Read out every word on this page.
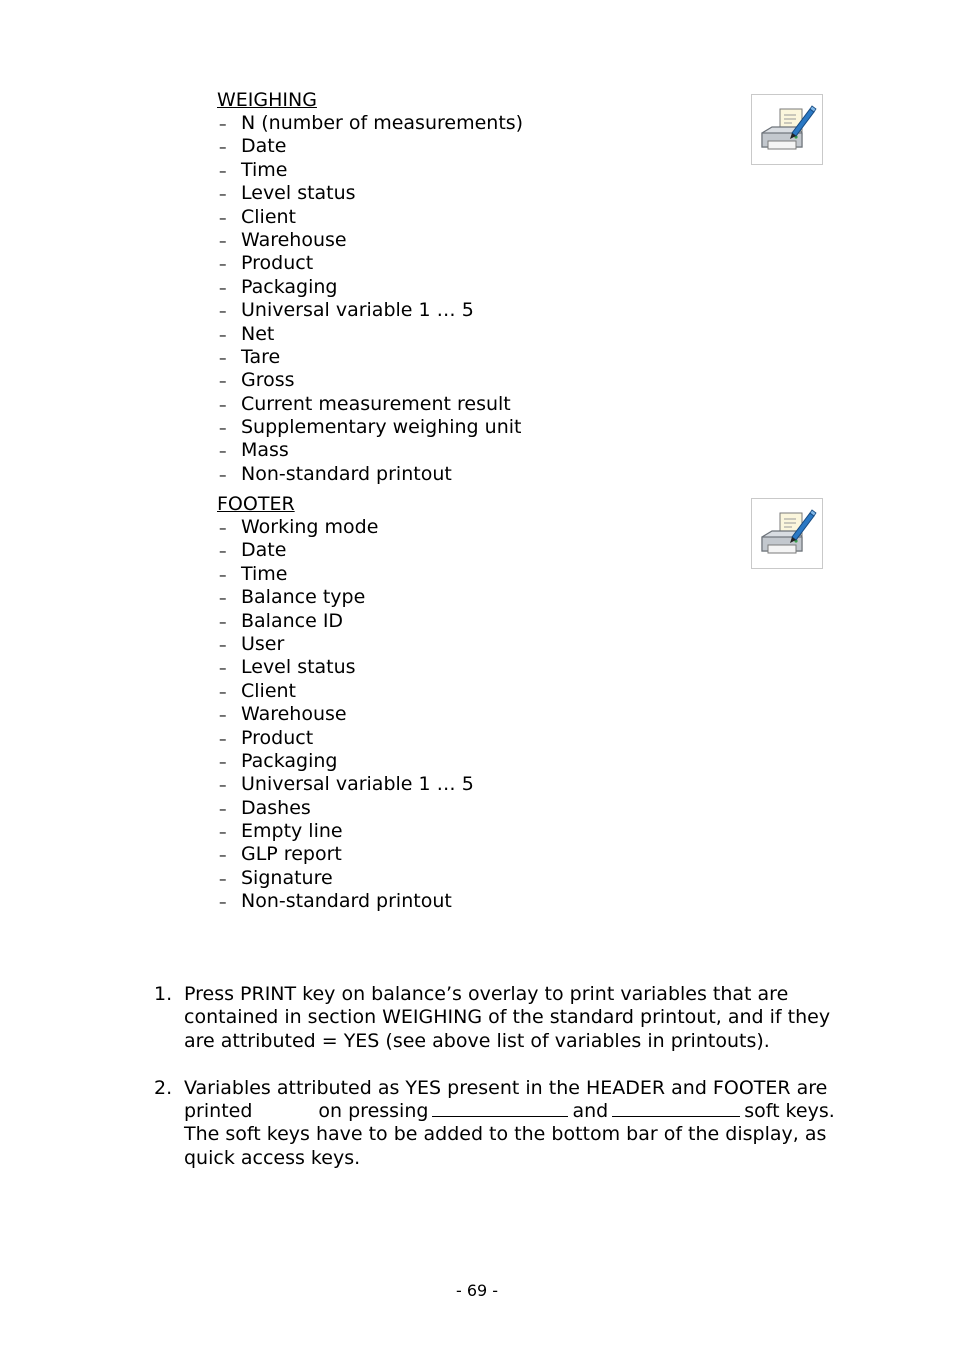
WEIGHING
– N (number of measurements)
– Date
– Time
– Level status
– Client
– Warehouse
– Product
– Packaging
– Universal variable 1 … 5
– Net
– Tare
– Gross
– Current measurement result
– Supplementary weighing unit
– Mass
– Non-standard printout
FOOTER
– Working mode
– Date
– Time
– Balance type
– Balance ID
– User
– Level status
– Client
– Warehouse
– Product
– Packaging
– Universal variable 1 … 5
– Dashes
– Empty line
– GLP report
– Signature
– Non-standard printout
1. Press PRINT key on balance’s overlay to print variables that are contained in section WEIGHING of the standard printout, and if they are attributed = YES (see above list of variables in printouts).
2. Variables attributed as YES present in the HEADER and FOOTER are printed	on pressing	and	soft keys. The soft keys have to be added to the bottom bar of the display, as quick access keys.
- 69 -
